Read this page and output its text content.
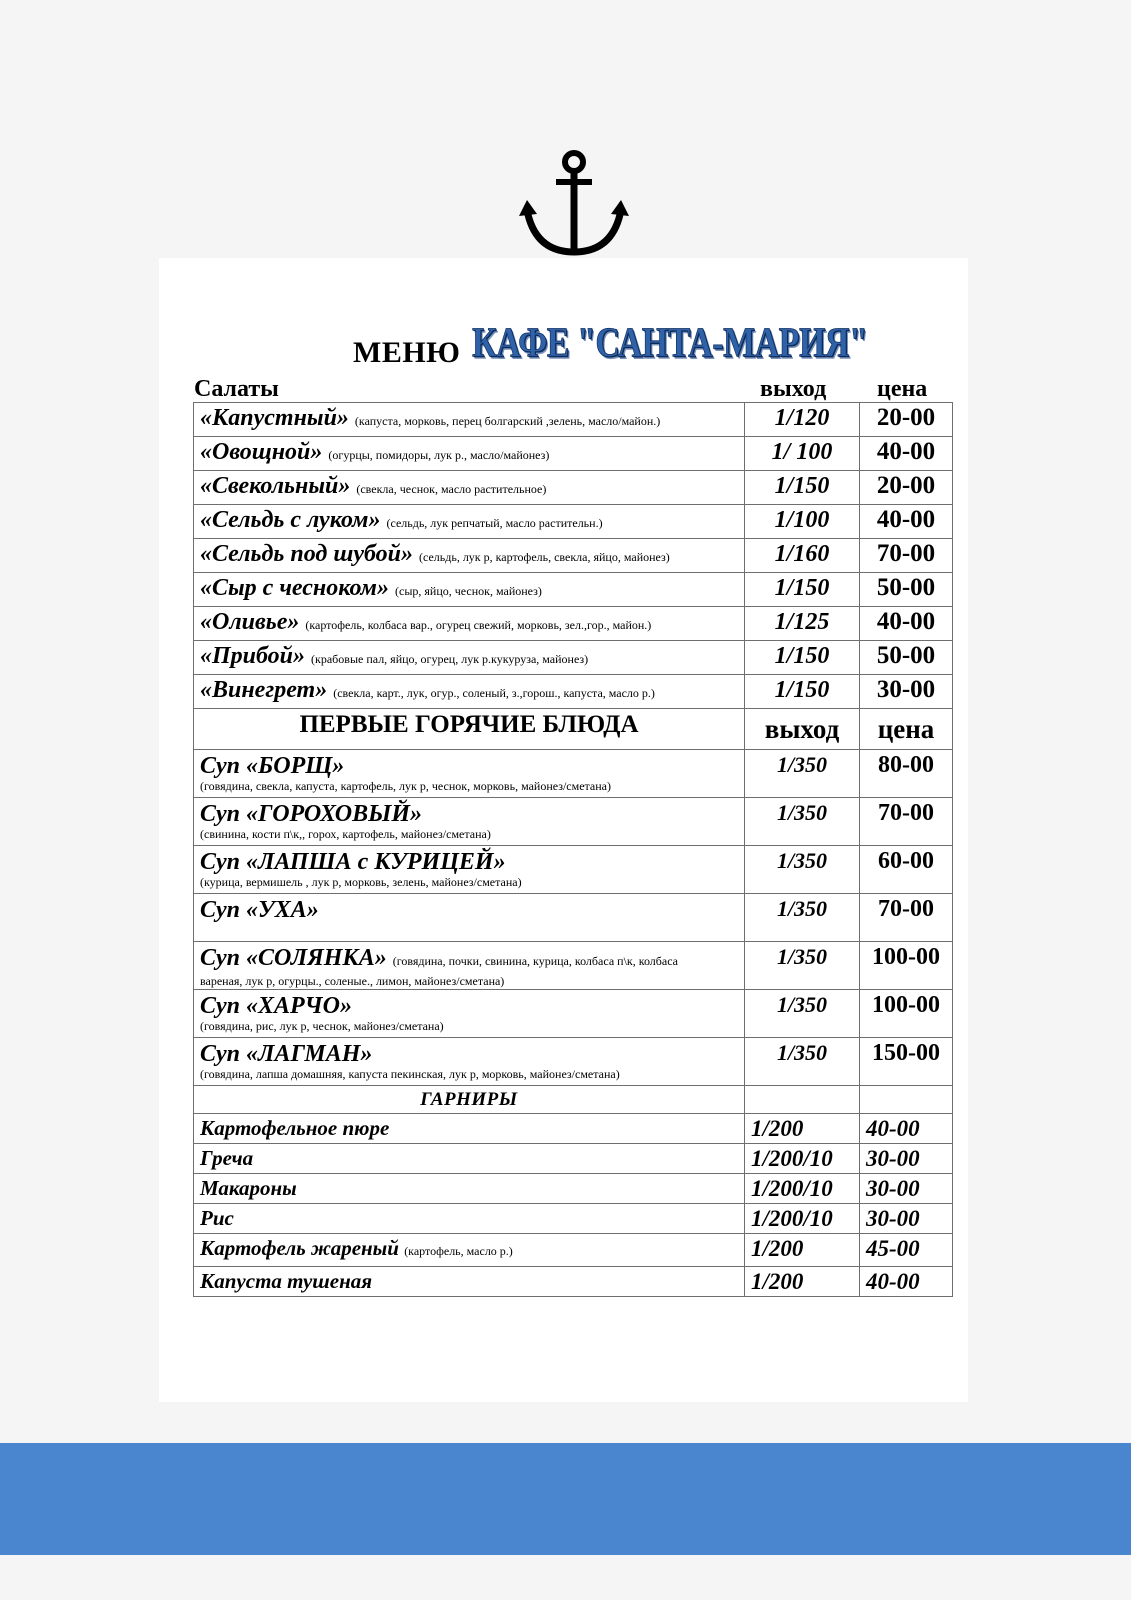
МЕНЮ КАФЕ "САНТА-МАРИЯ"
Салаты	выход цена
«Капустный» (капуста, морковь, перец болгарский ,зелень, масло/майон.)	1/120	20-00
«Овощной» (огурцы, помидоры, лук р., масло/майонез)	1/ 100	40-00
«Свекольный» (свекла, чеснок, масло растительное)	1/150	20-00
«Сельдь с луком» (сельдь, лук репчатый, масло растительн.)	1/100	40-00
«Сельдь под шубой» (сельдь, лук р, картофель, свекла, яйцо, майонез)	1/160	70-00
«Сыр с чесноком» (сыр, яйцо, чеснок, майонез)	1/150	50-00
«Оливье» (картофель, колбаса вар., огурец свежий, морковь, зел.,гор., майон.)	1/125	40-00
«Прибой» (крабовые пал, яйцо, огурец, лук р.кукуруза, майонез)	1/150	50-00
«Винегрет» (свекла, карт., лук, огур., соленый, з.,горош., капуста, масло р.)	1/150	30-00
ПЕРВЫЕ ГОРЯЧИЕ БЛЮДА	выход	цена
Суп «БОРЩ»
(говядина, свекла, капуста, картофель, лук р, чеснок, морковь, майонез/сметана)	1/350	80-00
Суп «ГОРОХОВЫЙ»
(свинина, кости п\к,, горох, картофель, майонез/сметана)	1/350	70-00
Суп «ЛАПША с КУРИЦЕЙ»
(курица, вермишель , лук р, морковь, зелень, майонез/сметана)	1/350	60-00
Суп «УХА»	1/350	70-00
Суп «СОЛЯНКА» (говядина, почки, свинина, курица, колбаса п\к, колбаса
вареная, лук р, огурцы., соленые., лимон, майонез/сметана)	1/350	100-00
Суп «ХАРЧО»
(говядина, рис, лук р, чеснок, майонез/сметана)	1/350	100-00
Суп «ЛАГМАН»
(говядина, лапша домашняя, капуста пекинская, лук р, морковь, майонез/сметана)	1/350	150-00
ГАРНИРЫ		
Картофельное пюре	1/200	40-00
Греча	1/200/10	30-00
Макароны	1/200/10	30-00
Рис	1/200/10	30-00
Картофель жареный (картофель, масло р.)	1/200	45-00
Капуста тушеная	1/200	40-00
